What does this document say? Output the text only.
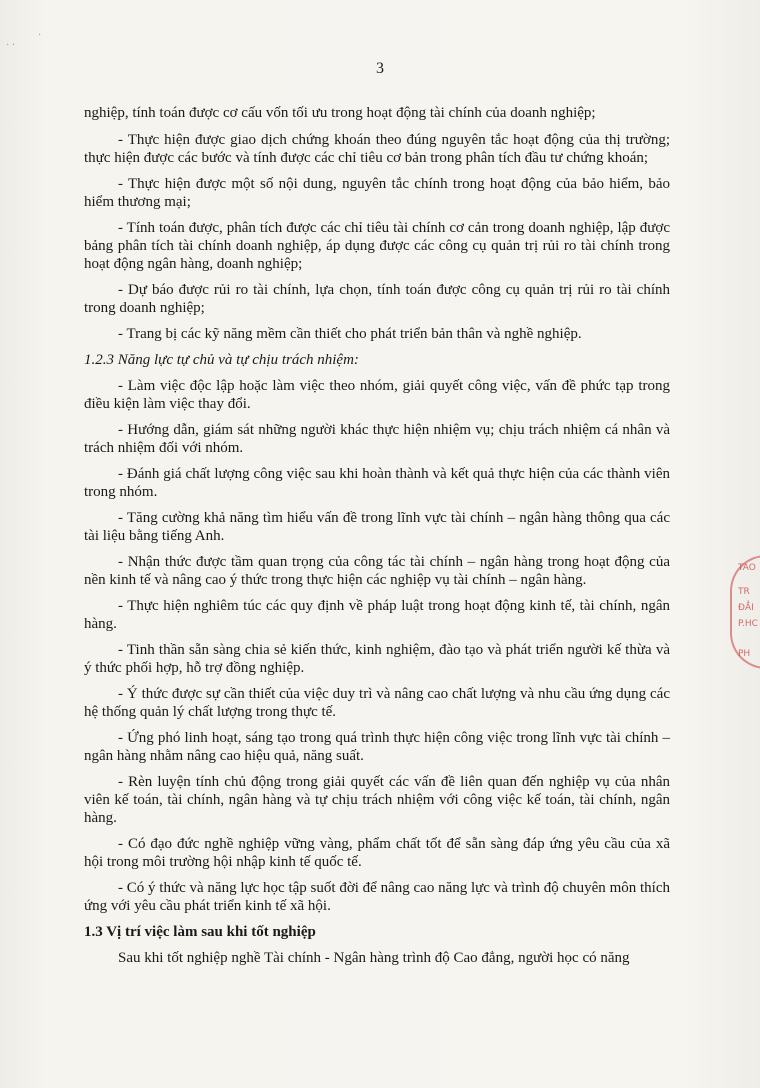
· ·
·
3

nghiệp, tính toán được cơ cấu vốn tối ưu trong hoạt động tài chính của doanh nghiệp;

- Thực hiện được giao dịch chứng khoán theo đúng nguyên tắc hoạt động của thị trường; thực hiện được các bước và tính được các chỉ tiêu cơ bản trong phân tích đầu tư chứng khoán;

- Thực hiện được một số nội dung, nguyên tắc chính trong hoạt động của bảo hiểm, bảo hiểm thương mại;

- Tính toán được, phân tích được các chỉ tiêu tài chính cơ cản trong doanh nghiệp, lập được bảng phân tích tài chính doanh nghiệp, áp dụng được các công cụ quản trị rủi ro tài chính trong hoạt động ngân hàng, doanh nghiệp;

- Dự báo được rủi ro tài chính, lựa chọn, tính toán được công cụ quản trị rủi ro tài chính trong doanh nghiệp;

- Trang bị các kỹ năng mềm cần thiết cho phát triển bản thân và nghề nghiệp.

1.2.3 Năng lực tự chủ và tự chịu trách nhiệm:

- Làm việc độc lập hoặc làm việc theo nhóm, giải quyết công việc, vấn đề phức tạp trong điều kiện làm việc thay đổi.

- Hướng dẫn, giám sát những người khác thực hiện nhiệm vụ; chịu trách nhiệm cá nhân và trách nhiệm đối với nhóm.

- Đánh giá chất lượng công việc sau khi hoàn thành và kết quả thực hiện của các thành viên trong nhóm.

- Tăng cường khả năng tìm hiểu vấn đề trong lĩnh vực tài chính – ngân hàng thông qua các tài liệu bằng tiếng Anh.

- Nhận thức được tầm quan trọng của công tác tài chính – ngân hàng trong hoạt động của nền kinh tế và nâng cao ý thức trong thực hiện các nghiệp vụ tài chính – ngân hàng.

- Thực hiện nghiêm túc các quy định về pháp luật trong hoạt động kinh tế, tài chính, ngân hàng.

- Tinh thần sẵn sàng chia sẻ kiến thức, kinh nghiệm, đào tạo và phát triển người kế thừa và ý thức phối hợp, hỗ trợ đồng nghiệp.

- Ý thức được sự cần thiết của việc duy trì và nâng cao chất lượng và nhu cầu ứng dụng các hệ thống quản lý chất lượng trong thực tế.

- Ứng phó linh hoạt, sáng tạo trong quá trình thực hiện công việc trong lĩnh vực tài chính – ngân hàng nhằm nâng cao hiệu quả, năng suất.

- Rèn luyện tính chủ động trong giải quyết các vấn đề liên quan đến nghiệp vụ của nhân viên kế toán, tài chính, ngân hàng và tự chịu trách nhiệm với công việc kế toán, tài chính, ngân hàng.

- Có đạo đức nghề nghiệp vững vàng, phẩm chất tốt để sẵn sàng đáp ứng yêu cầu của xã hội trong môi trường hội nhập kinh tế quốc tế.

- Có ý thức và năng lực học tập suốt đời để nâng cao năng lực và trình độ chuyên môn thích ứng với yêu cầu phát triển kinh tế xã hội.

1.3 Vị trí việc làm sau khi tốt nghiệp

Sau khi tốt nghiệp nghề Tài chính - Ngân hàng trình độ Cao đẳng, người học có năng

TAO
TR
ĐẲI
P.HC
PH
